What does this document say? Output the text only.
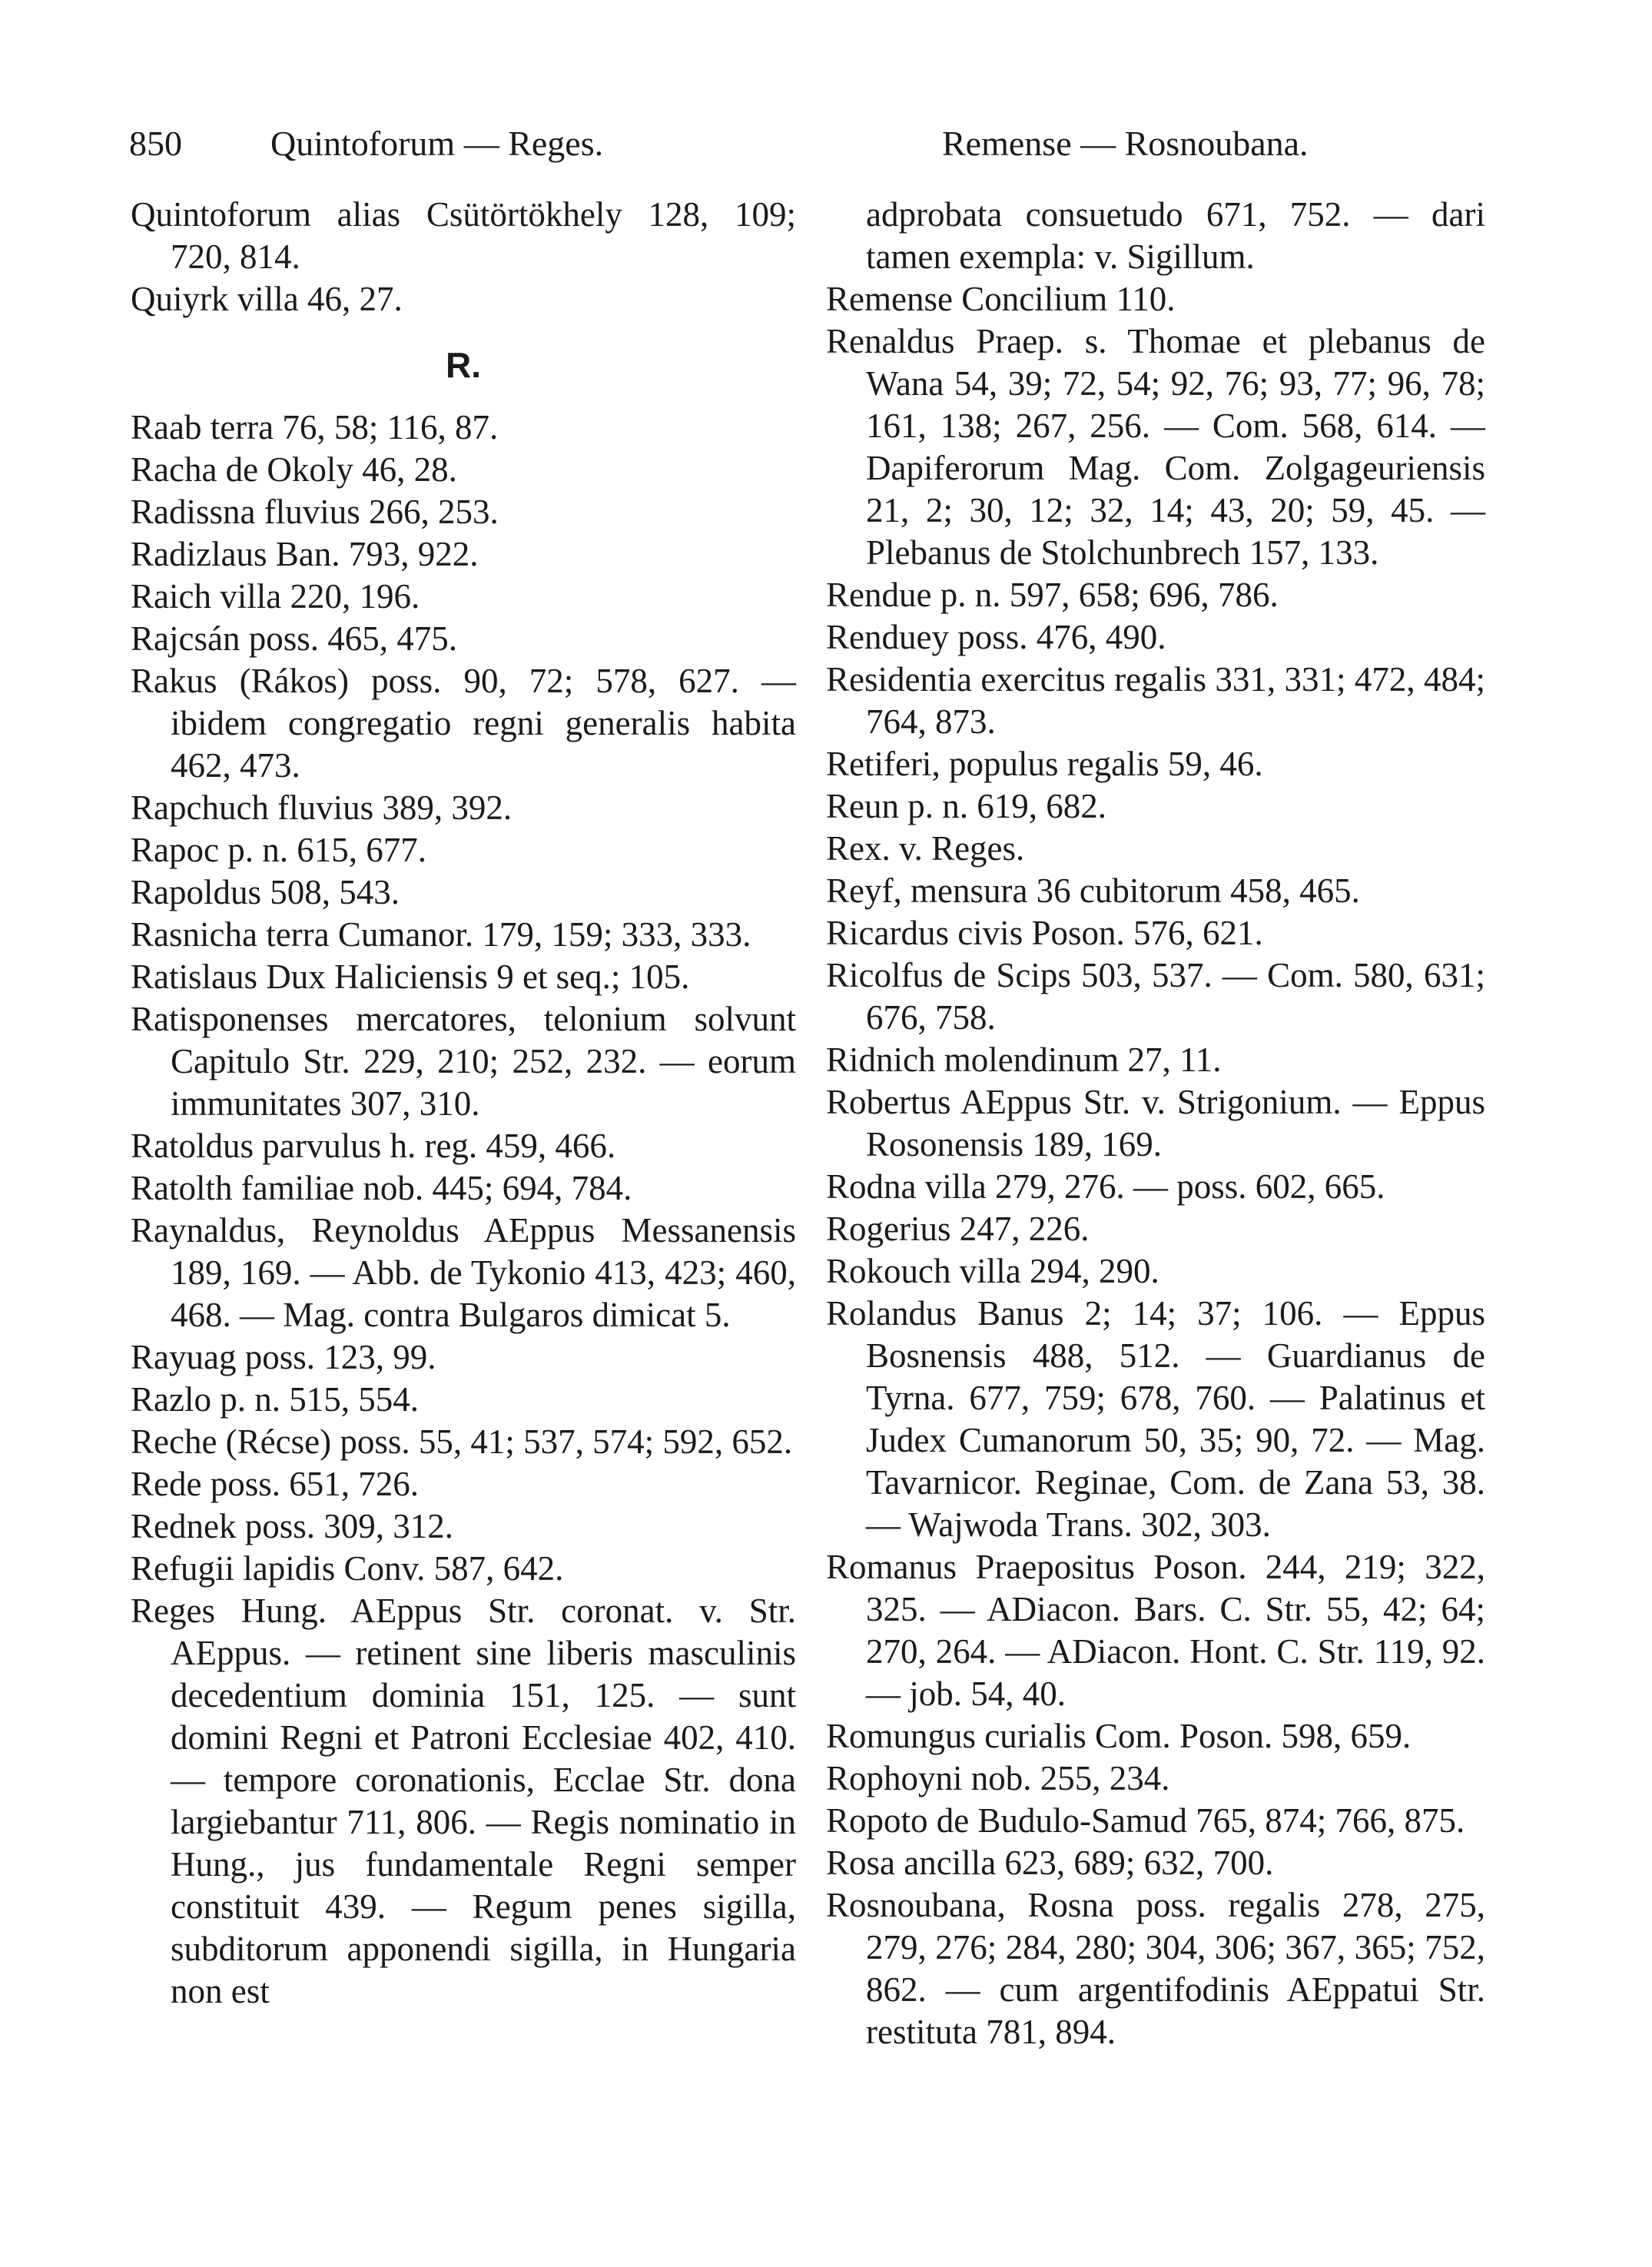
850	Quintoforum — Reges.	Remense — Rosnoubana.
Quintoforum alias Csütörtökhely 128, 109; 720, 814.
Quiyrk villa 46, 27.
R.
Raab terra 76, 58; 116, 87.
Racha de Okoly 46, 28.
Radissna fluvius 266, 253.
Radizlaus Ban. 793, 922.
Raich villa 220, 196.
Rajcsán poss. 465, 475.
Rakus (Rákos) poss. 90, 72; 578, 627. — ibidem congregatio regni generalis habita 462, 473.
Rapchuch fluvius 389, 392.
Rapoc p. n. 615, 677.
Rapoldus 508, 543.
Rasnicha terra Cumanor. 179, 159; 333, 333.
Ratislaus Dux Haliciensis 9 et seq.; 105.
Ratisponenses mercatores, telonium solvunt Capitulo Str. 229, 210; 252, 232. — eorum immunitates 307, 310.
Ratoldus parvulus h. reg. 459, 466.
Ratolth familiae nob. 445; 694, 784.
Raynaldus, Reynoldus AEppus Messanensis 189, 169. — Abb. de Tykonio 413, 423; 460, 468. — Mag. contra Bulgaros dimicat 5.
Rayuag poss. 123, 99.
Razlo p. n. 515, 554.
Reche (Récse) poss. 55, 41; 537, 574; 592, 652.
Rede poss. 651, 726.
Rednek poss. 309, 312.
Refugii lapidis Conv. 587, 642.
Reges Hung. AEppus Str. coronat. v. Str. AEppus. — retinent sine liberis masculinis decedentium dominia 151, 125. — sunt domini Regni et Patroni Ecclesiae 402, 410. — tempore coronationis, Ecclae Str. dona largiebantur 711, 806. — Regis nominatio in Hung., jus fundamentale Regni semper constituit 439. — Regum penes sigilla, subditorum apponendi sigilla, in Hungaria non est
adprobata consuetudo 671, 752. — dari tamen exempla: v. Sigillum.
Remense Concilium 110.
Renaldus Praep. s. Thomae et plebanus de Wana 54, 39; 72, 54; 92, 76; 93, 77; 96, 78; 161, 138; 267, 256. — Com. 568, 614. — Dapiferorum Mag. Com. Zolgageuriensis 21, 2; 30, 12; 32, 14; 43, 20; 59, 45. — Plebanus de Stolchunbrech 157, 133.
Rendue p. n. 597, 658; 696, 786.
Renduey poss. 476, 490.
Residentia exercitus regalis 331, 331; 472, 484; 764, 873.
Retiferi, populus regalis 59, 46.
Reun p. n. 619, 682.
Rex. v. Reges.
Reyf, mensura 36 cubitorum 458, 465.
Ricardus civis Poson. 576, 621.
Ricolfus de Scips 503, 537. — Com. 580, 631; 676, 758.
Ridnich molendinum 27, 11.
Robertus AEppus Str. v. Strigonium. — Eppus Rosonensis 189, 169.
Rodna villa 279, 276. — poss. 602, 665.
Rogerius 247, 226.
Rokouch villa 294, 290.
Rolandus Banus 2; 14; 37; 106. — Eppus Bosnensis 488, 512. — Guardianus de Tyrna. 677, 759; 678, 760. — Palatinus et Judex Cumanorum 50, 35; 90, 72. — Mag. Tavarnicor. Reginae, Com. de Zana 53, 38. — Wajwoda Trans. 302, 303.
Romanus Praepositus Poson. 244, 219; 322, 325. — ADiacon. Bars. C. Str. 55, 42; 64; 270, 264. — ADiacon. Hont. C. Str. 119, 92. — job. 54, 40.
Romungus curialis Com. Poson. 598, 659.
Rophoyni nob. 255, 234.
Ropoto de Budulo-Samud 765, 874; 766, 875.
Rosa ancilla 623, 689; 632, 700.
Rosnoubana, Rosna poss. regalis 278, 275, 279, 276; 284, 280; 304, 306; 367, 365; 752, 862. — cum argentifodinis AEppatui Str. restituta 781, 894.
